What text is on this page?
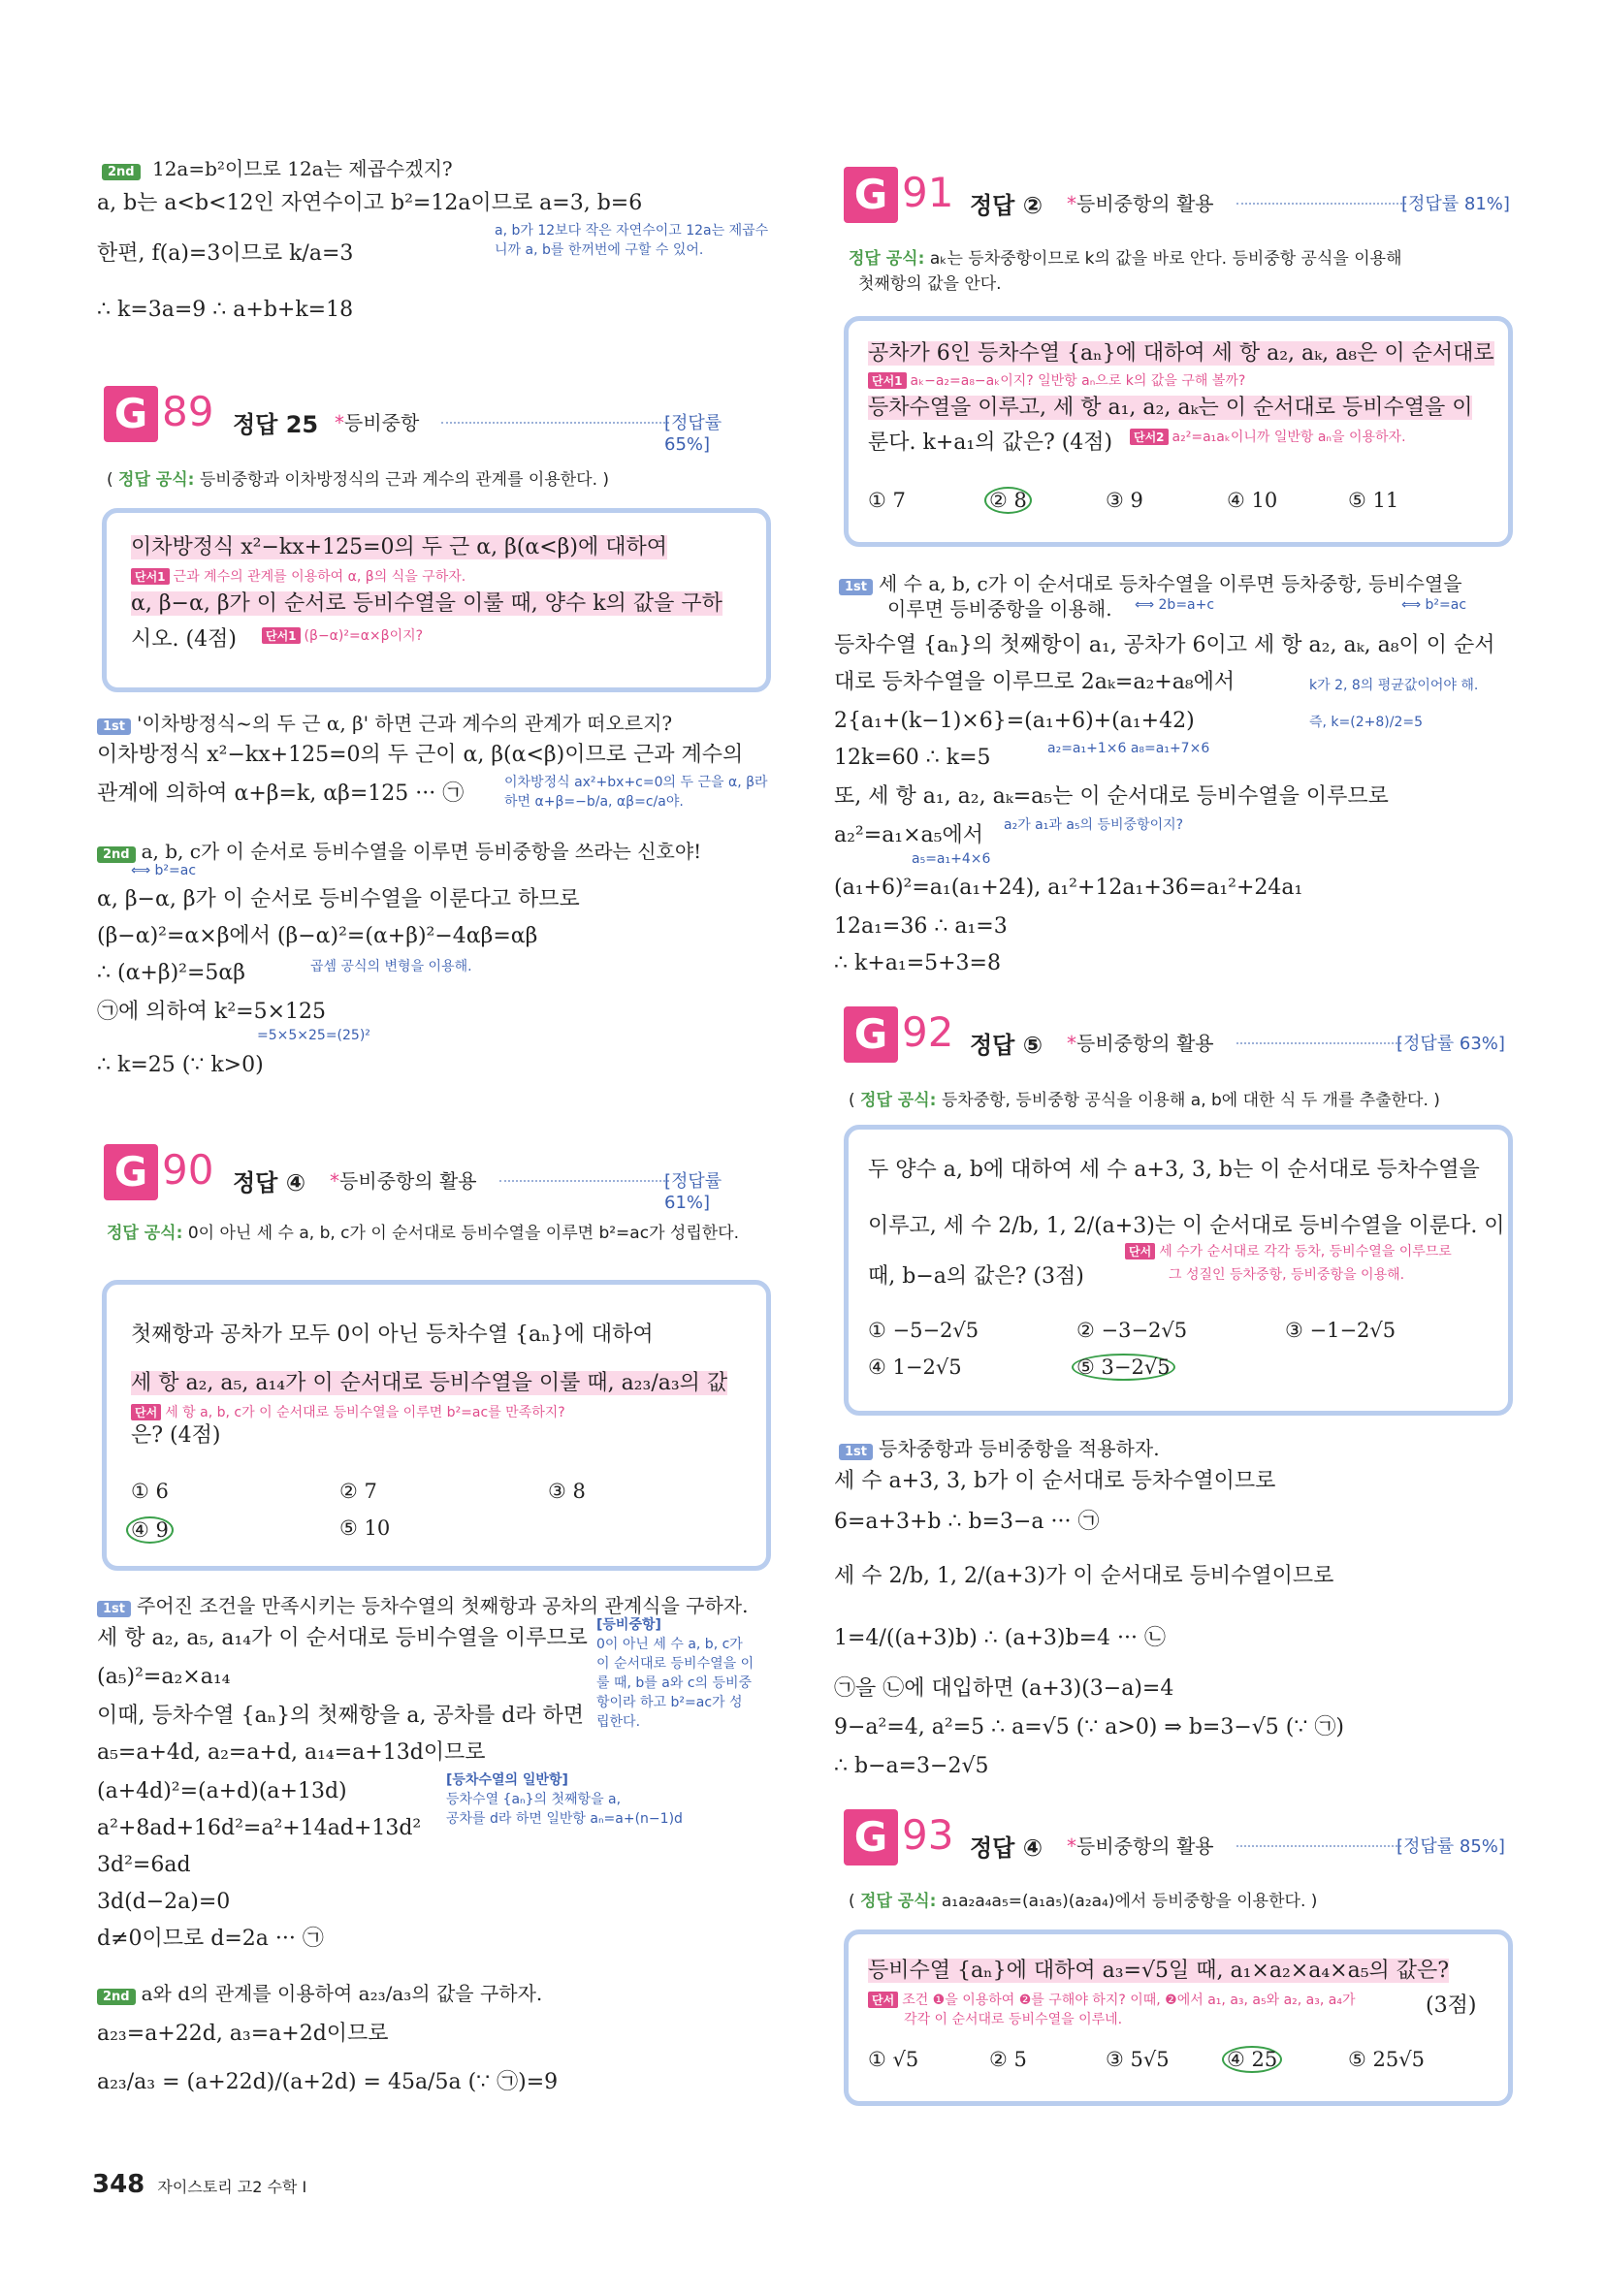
2nd 12a=b²이므로 12a는 제곱수겠지?
a, b는 a<b<12인 자연수이고 b²=12a이므로 a=3, b=6
한편, f(a)=3이므로 k/a=3
∴ k=3a=9 ∴ a+b+k=18
a, b가 12보다 작은 자연수이고 12a는 제곱수니까 a, b를 한꺼번에 구할 수 있어.
G 89 정답 25 *등비중항	[정답률 65%]
( 정답 공식: 등비중항과 이차방정식의 근과 계수의 관계를 이용한다. )
이차방정식 x²−kx+125=0의 두 근 α, β(α<β)에 대하여
단서1 근과 계수의 관계를 이용하여 α, β의 식을 구하자.
α, β−α, β가 이 순서로 등비수열을 이룰 때, 양수 k의 값을 구하
시오. (4점)	단서1 (β−α)²=α×β이지?
1st '이차방정식~의 두 근 α, β' 하면 근과 계수의 관계가 떠오르지?
이차방정식 x²−kx+125=0의 두 근이 α, β(α<β)이므로 근과 계수의
관계에 의하여 α+β=k, αβ=125 ··· ㉠	이차방정식 ax²+bx+c=0의 두 근을 α, β라 하면 α+β=−b/a, αβ=c/a야.
2nd a, b, c가 이 순서로 등비수열을 이루면 등비중항을 쓰라는 신호야!
⟺ b²=ac
α, β−α, β가 이 순서로 등비수열을 이룬다고 하므로
(β−α)²=α×β에서 (β−α)²=(α+β)²−4αβ=αβ
∴ (α+β)²=5αβ	곱셈 공식의 변형을 이용해.
㉠에 의하여 k²=5×125
=5×5×25=(25)²
∴ k=25 (∵ k>0)
G 90 정답 ④ *등비중항의 활용	[정답률 61%]
정답 공식: 0이 아닌 세 수 a, b, c가 이 순서대로 등비수열을 이루면 b²=ac가 성립한다.
첫째항과 공차가 모두 0이 아닌 등차수열 {aₙ}에 대하여
세 항 a₂, a₅, a₁₄가 이 순서대로 등비수열을 이룰 때, a₂₃/a₃의 값
단서 세 항 a, b, c가 이 순서대로 등비수열을 이루면 b²=ac를 만족하지?
은? (4점)
① 6	② 7	③ 8
④ 9	⑤ 10
1st 주어진 조건을 만족시키는 등차수열의 첫째항과 공차의 관계식을 구하자.
세 항 a₂, a₅, a₁₄가 이 순서대로 등비수열을 이루므로
(a₅)²=a₂×a₁₄
이때, 등차수열 {aₙ}의 첫째항을 a, 공차를 d라 하면
a₅=a+4d, a₂=a+d, a₁₄=a+13d이므로
(a+4d)²=(a+d)(a+13d)
a²+8ad+16d²=a²+14ad+13d²
3d²=6ad
3d(d−2a)=0
d≠0이므로 d=2a ··· ㉠
[등비중항]
0이 아닌 세 수 a, b, c가
이 순서대로 등비수열을 이
룰 때, b를 a와 c의 등비중
항이라 하고 b²=ac가 성
립한다.
[등차수열의 일반항]
등차수열 {aₙ}의 첫째항을 a,
공차를 d라 하면 일반항 aₙ=a+(n−1)d
2nd a와 d의 관계를 이용하여 a₂₃/a₃의 값을 구하자.
a₂₃=a+22d, a₃=a+2d이므로
a₂₃/a₃ = (a+22d)/(a+2d) = 45a/5a (∵ ㉠)=9
G 91 정답 ② *등비중항의 활용	[정답률 81%]
정답 공식: aₖ는 등차중항이므로 k의 값을 바로 안다. 등비중항 공식을 이용해
첫째항의 값을 안다.
공차가 6인 등차수열 {aₙ}에 대하여 세 항 a₂, aₖ, a₈은 이 순서대로
단서1 aₖ−a₂=a₈−aₖ이지? 일반항 aₙ으로 k의 값을 구해 볼까?
등차수열을 이루고, 세 항 a₁, a₂, aₖ는 이 순서대로 등비수열을 이
룬다. k+a₁의 값은? (4점)	단서2 a₂²=a₁aₖ이니까 일반항 aₙ을 이용하자.
① 7	② 8	③ 9	④ 10	⑤ 11
1st 세 수 a, b, c가 이 순서대로 등차수열을 이루면 등차중항, 등비수열을
이루면 등비중항을 이용해. ⟺ 2b=a+c	⟺ b²=ac
등차수열 {aₙ}의 첫째항이 a₁, 공차가 6이고 세 항 a₂, aₖ, a₈이 이 순서
대로 등차수열을 이루므로 2aₖ=a₂+a₈에서	k가 2, 8의 평균값이어야 해.
2{a₁+(k−1)×6}=(a₁+6)+(a₁+42)	즉, k=(2+8)/2=5
12k=60 ∴ k=5	a₂=a₁+1×6 a₈=a₁+7×6
또, 세 항 a₁, a₂, aₖ=a₅는 이 순서대로 등비수열을 이루므로
a₂²=a₁×a₅에서 a₂가 a₁과 a₅의 등비중항이지?
a₅=a₁+4×6
(a₁+6)²=a₁(a₁+24), a₁²+12a₁+36=a₁²+24a₁
12a₁=36 ∴ a₁=3
∴ k+a₁=5+3=8
G 92 정답 ⑤ *등비중항의 활용	[정답률 63%]
( 정답 공식: 등차중항, 등비중항 공식을 이용해 a, b에 대한 식 두 개를 추출한다. )
두 양수 a, b에 대하여 세 수 a+3, 3, b는 이 순서대로 등차수열을
이루고, 세 수 2/b, 1, 2/(a+3)는 이 순서대로 등비수열을 이룬다. 이
때, b−a의 값은? (3점)
단서 세 수가 순서대로 각각 등차, 등비수열을 이루므로
그 성질인 등차중항, 등비중항을 이용해.
① −5−2√5	② −3−2√5	③ −1−2√5
④ 1−2√5	⑤ 3−2√5
1st 등차중항과 등비중항을 적용하자.
세 수 a+3, 3, b가 이 순서대로 등차수열이므로
6=a+3+b ∴ b=3−a ··· ㉠
세 수 2/b, 1, 2/(a+3)가 이 순서대로 등비수열이므로
1=4/((a+3)b) ∴ (a+3)b=4 ··· ㉡
㉠을 ㉡에 대입하면 (a+3)(3−a)=4
9−a²=4, a²=5 ∴ a=√5 (∵ a>0) ⇒ b=3−√5 (∵ ㉠)
∴ b−a=3−2√5
G 93 정답 ④ *등비중항의 활용	[정답률 85%]
( 정답 공식: a₁a₂a₄a₅=(a₁a₅)(a₂a₄)에서 등비중항을 이용한다. )
등비수열 {aₙ}에 대하여 a₃=√5일 때, a₁×a₂×a₄×a₅의 값은?
단서 조건 ❶을 이용하여 ❷를 구해야 하지? 이때, ❷에서 a₁, a₃, a₅와 a₂, a₃, a₄가
각각 이 순서대로 등비수열을 이루네.
(3점)
① √5	② 5	③ 5√5	④ 25	⑤ 25√5
348 자이스토리 고2 수학 I
